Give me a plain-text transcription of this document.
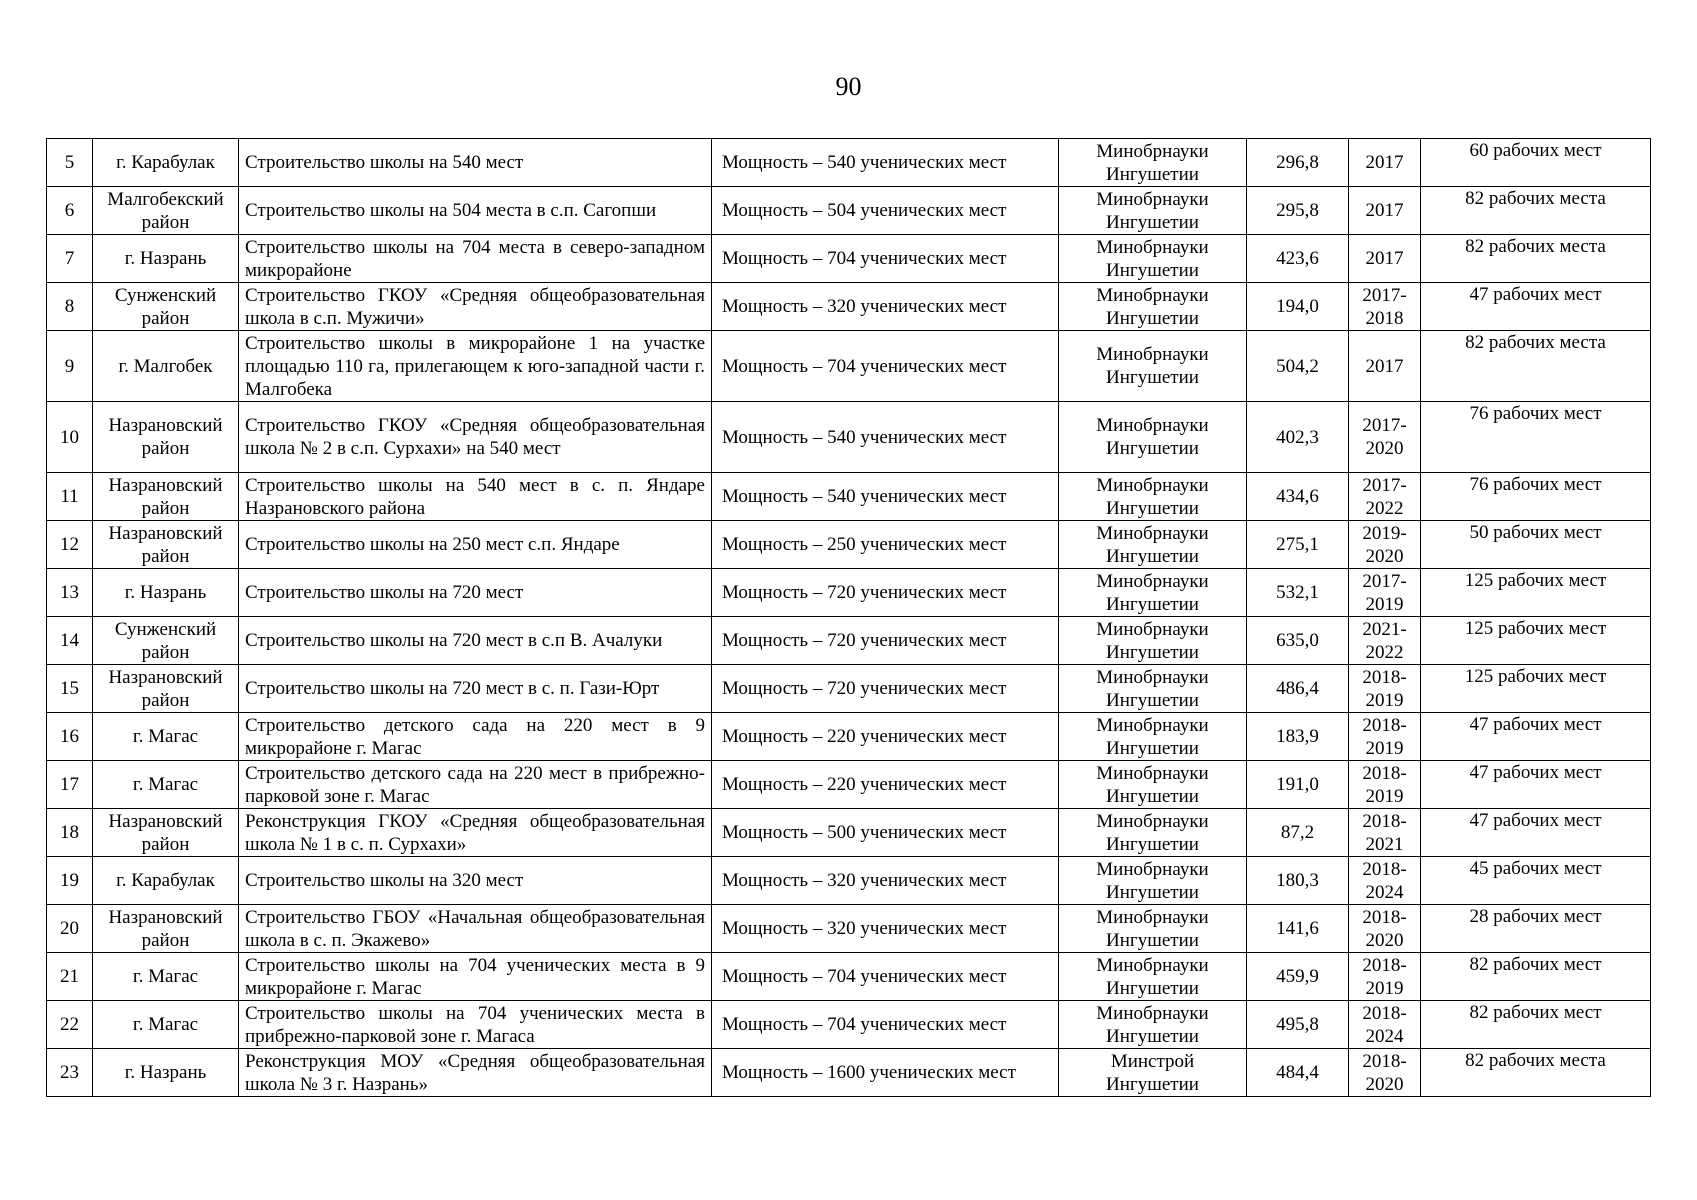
90
5	г. Карабулак	Строительство школы на 540 мест	Мощность – 540 ученических мест	Минобрнауки Ингушетии	296,8	2017	60 рабочих мест
6	Малгобекский район	Строительство школы на 504 места в с.п. Сагопши	Мощность – 504 ученических мест	Минобрнауки Ингушетии	295,8	2017	82 рабочих места
7	г. Назрань	Строительство школы на 704 места в северо-западном микрорайоне	Мощность – 704 ученических мест	Минобрнауки Ингушетии	423,6	2017	82 рабочих места
8	Сунженский район	Строительство ГКОУ «Средняя общеобразовательная школа в с.п. Мужичи»	Мощность – 320 ученических мест	Минобрнауки Ингушетии	194,0	2017-2018	47 рабочих мест
9	г. Малгобек	Строительство школы в микрорайоне 1 на участке площадью 110 га, прилегающем к юго-западной части г. Малгобека	Мощность – 704 ученических мест	Минобрнауки Ингушетии	504,2	2017	82 рабочих места
10	Назрановский район	Строительство ГКОУ «Средняя общеобразовательная школа № 2 в с.п. Сурхахи» на 540 мест	Мощность – 540 ученических мест	Минобрнауки Ингушетии	402,3	2017-2020	76 рабочих мест
11	Назрановский район	Строительство школы на 540 мест в с. п. Яндаре Назрановского района	Мощность – 540 ученических мест	Минобрнауки Ингушетии	434,6	2017-2022	76 рабочих мест
12	Назрановский район	Строительство школы на 250 мест с.п. Яндаре	Мощность – 250 ученических мест	Минобрнауки Ингушетии	275,1	2019-2020	50 рабочих мест
13	г. Назрань	Строительство школы на 720 мест	Мощность – 720 ученических мест	Минобрнауки Ингушетии	532,1	2017-2019	125 рабочих мест
14	Сунженский район	Строительство школы на 720 мест в с.п В. Ачалуки	Мощность – 720 ученических мест	Минобрнауки Ингушетии	635,0	2021-2022	125 рабочих мест
15	Назрановский район	Строительство школы на 720 мест в с. п. Гази-Юрт	Мощность – 720 ученических мест	Минобрнауки Ингушетии	486,4	2018-2019	125 рабочих мест
16	г. Магас	Строительство детского сада на 220 мест в 9 микрорайоне г. Магас	Мощность – 220 ученических мест	Минобрнауки Ингушетии	183,9	2018-2019	47 рабочих мест
17	г. Магас	Строительство детского сада на 220 мест в прибрежно-парковой зоне г. Магас	Мощность – 220 ученических мест	Минобрнауки Ингушетии	191,0	2018-2019	47 рабочих мест
18	Назрановский район	Реконструкция ГКОУ «Средняя общеобразовательная школа № 1 в с. п. Сурхахи»	Мощность – 500 ученических мест	Минобрнауки Ингушетии	87,2	2018-2021	47 рабочих мест
19	г. Карабулак	Строительство школы на 320 мест	Мощность – 320 ученических мест	Минобрнауки Ингушетии	180,3	2018-2024	45 рабочих мест
20	Назрановский район	Строительство ГБОУ «Начальная общеобразовательная школа в с. п. Экажево»	Мощность – 320 ученических мест	Минобрнауки Ингушетии	141,6	2018-2020	28 рабочих мест
21	г. Магас	Строительство школы на 704 ученических места в 9 микрорайоне г. Магас	Мощность – 704 ученических мест	Минобрнауки Ингушетии	459,9	2018-2019	82 рабочих мест
22	г. Магас	Строительство школы на 704 ученических места в прибрежно-парковой зоне г. Магаса	Мощность – 704 ученических мест	Минобрнауки Ингушетии	495,8	2018-2024	82 рабочих мест
23	г. Назрань	Реконструкция МОУ «Средняя общеобразовательная школа № 3 г. Назрань»	Мощность – 1600 ученических мест	Минстрой Ингушетии	484,4	2018-2020	82 рабочих места
